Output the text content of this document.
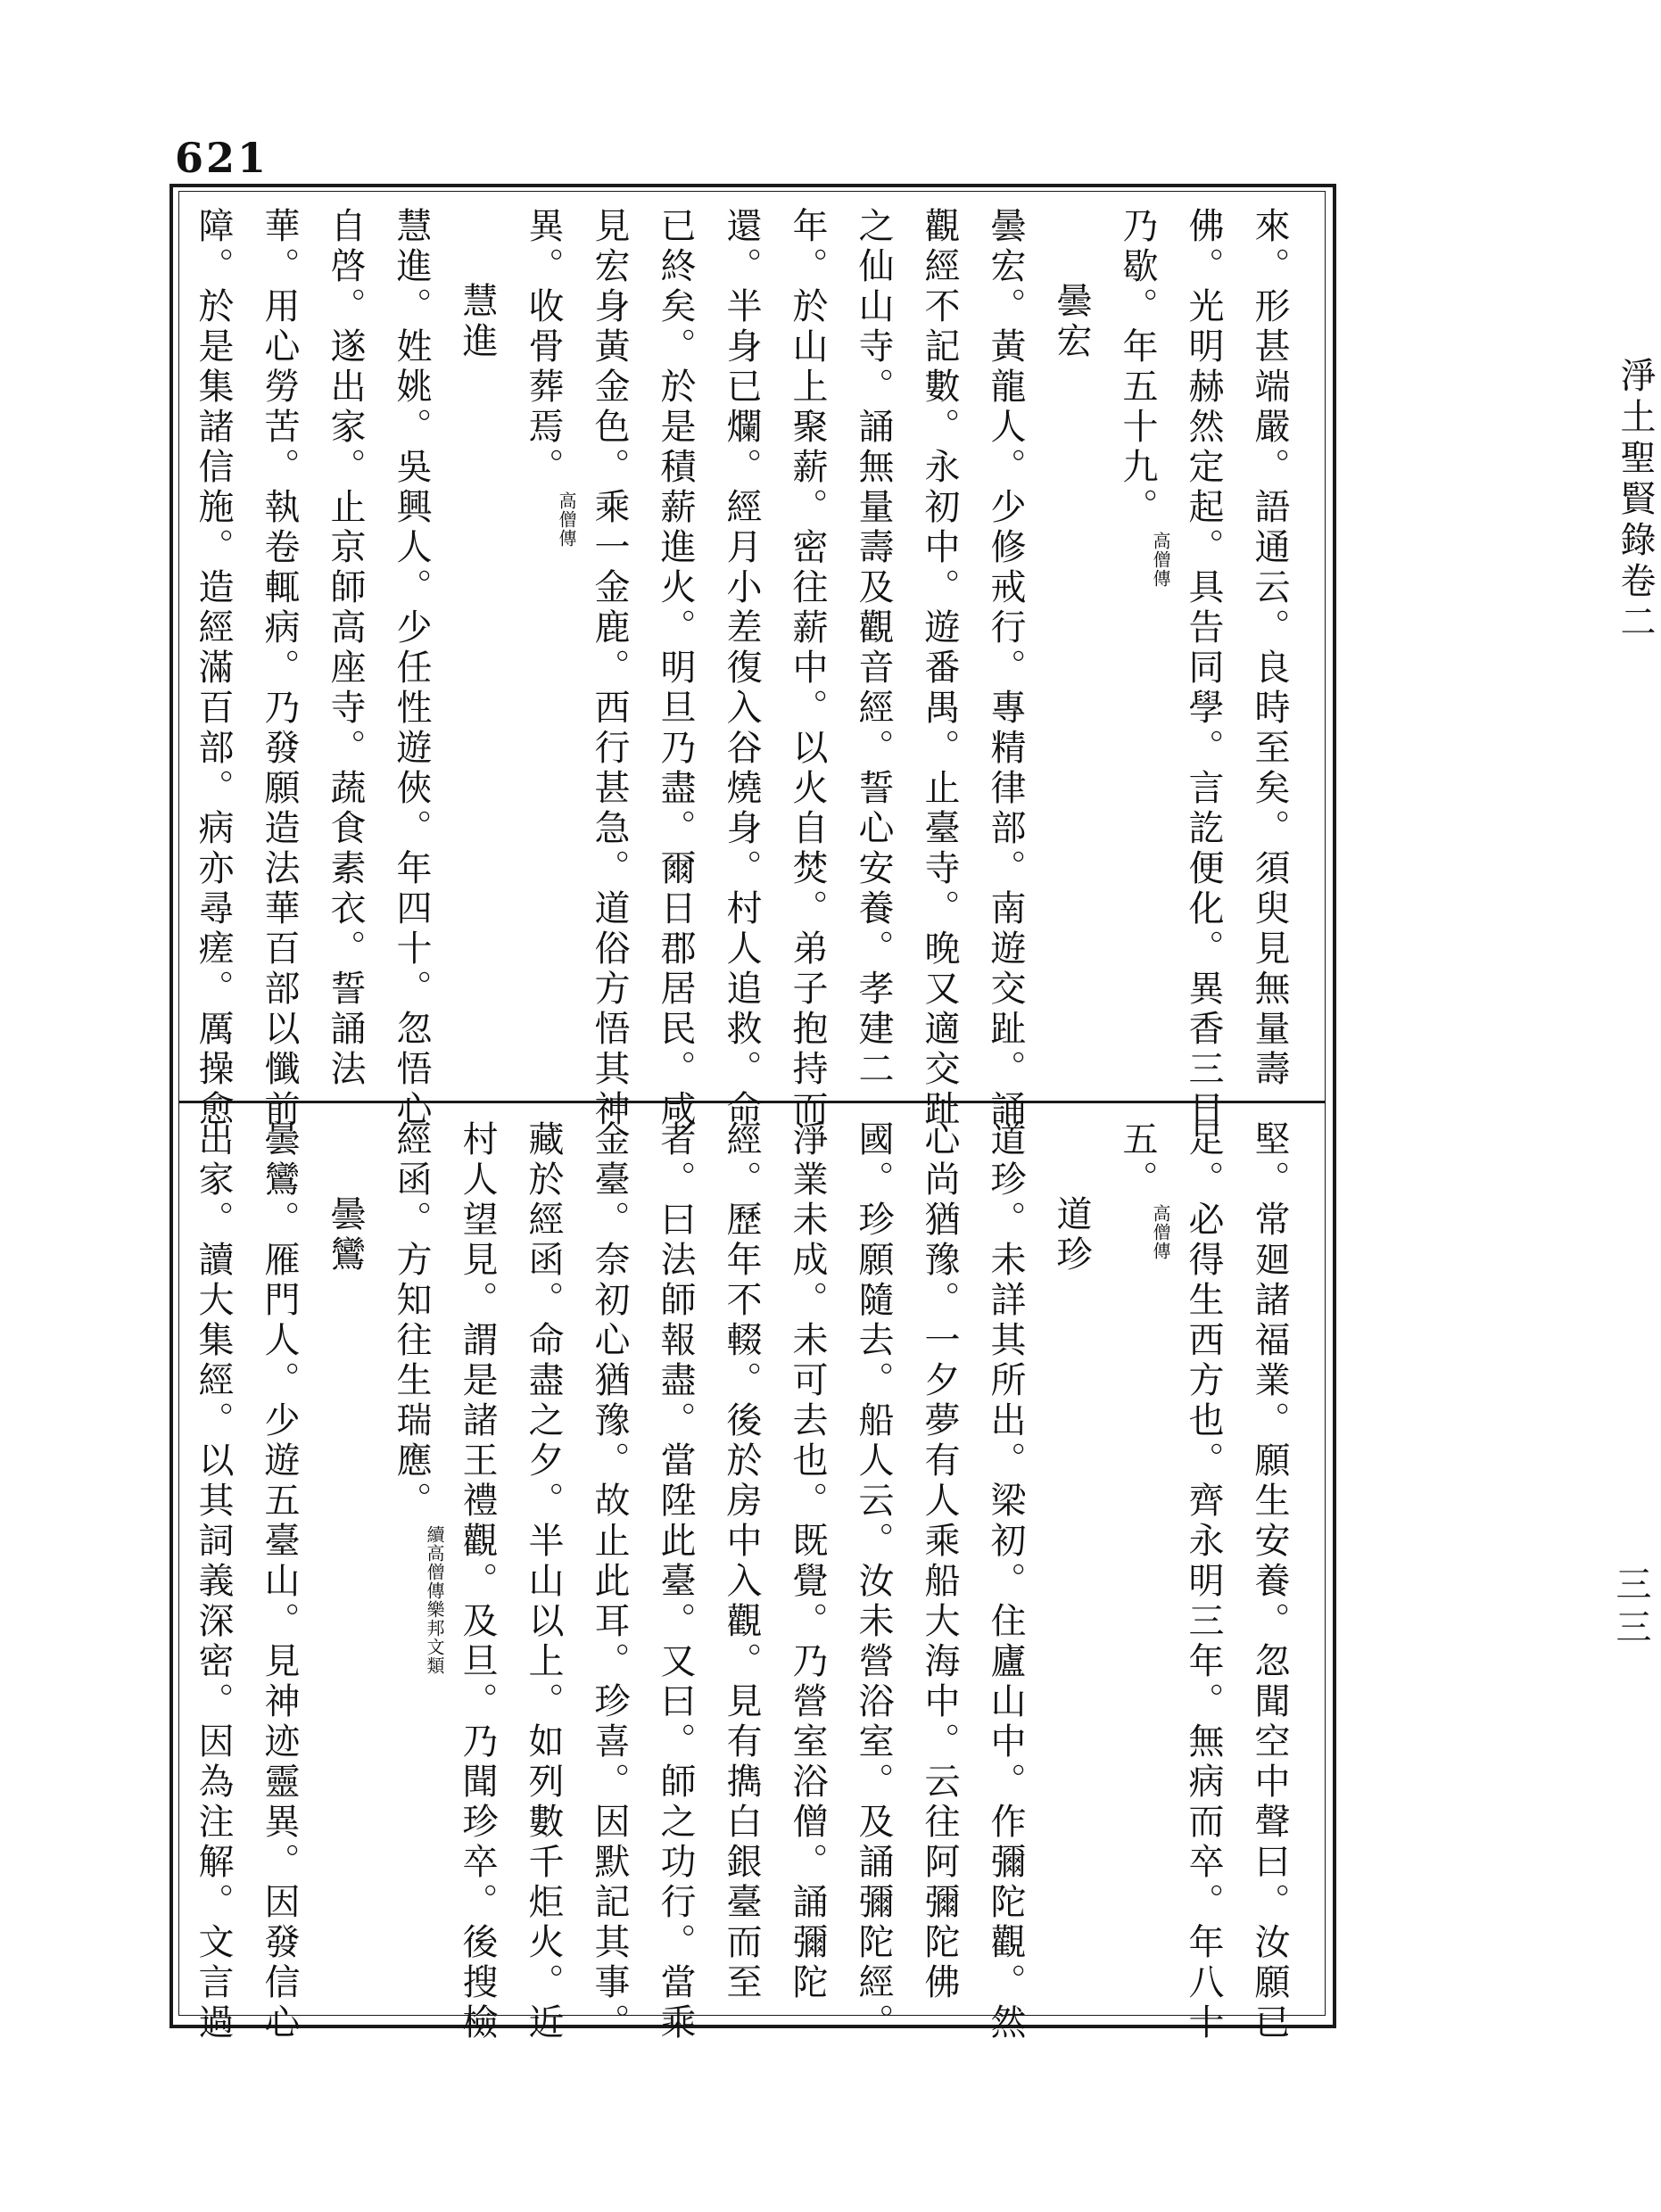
621
淨土聖賢錄卷二
三三

來。形甚端嚴。語通云。良時至矣。須臾見無量壽

佛。光明赫然定起。具告同學。言訖便化。異香三日

乃歇。年五十九。高僧傳

曇宏

曇宏。黃龍人。少修戒行。專精律部。南遊交趾。誦

觀經不記數。永初中。遊番禺。止臺寺。晚又適交趾

之仙山寺。誦無量壽及觀音經。誓心安養。孝建二

年。於山上聚薪。密往薪中。以火自焚。弟子抱持而

還。半身已爛。經月小差復入谷燒身。村人追救。命

已終矣。於是積薪進火。明旦乃盡。爾日郡居民。咸

見宏身黃金色。乘一金鹿。西行甚急。道俗方悟其神

異。收骨葬焉。高僧傳

慧進

慧進。姓姚。吳興人。少任性遊俠。年四十。忽悟心

自啓。遂出家。止京師高座寺。蔬食素衣。誓誦法

華。用心勞苦。執卷輒病。乃發願造法華百部以懺前

障。於是集諸信施。造經滿百部。病亦尋瘥。厲操愈

堅。常廻諸福業。願生安養。忽聞空中聲曰。汝願已

足。必得生西方也。齊永明三年。無病而卒。年八十

五。高僧傳

道珍

道珍。未詳其所出。梁初。住廬山中。作彌陀觀。然

心尚猶豫。一夕夢有人乘船大海中。云往阿彌陀佛

國。珍願隨去。船人云。汝未營浴室。及誦彌陀經。

淨業未成。未可去也。既覺。乃營室浴僧。誦彌陀

經。歷年不輟。後於房中入觀。見有擕白銀臺而至

者。曰法師報盡。當陞此臺。又曰。師之功行。當乘

金臺。奈初心猶豫。故止此耳。珍喜。因默記其事。

藏於經函。命盡之夕。半山以上。如列數千炬火。近

村人望見。謂是諸王禮觀。及旦。乃聞珍卒。後搜檢

經函。方知往生瑞應。續高僧傳樂邦文類

曇鸞

曇鸞。雁門人。少遊五臺山。見神迹靈異。因發信心

出家。讀大集經。以其詞義深密。因為注解。文言過
